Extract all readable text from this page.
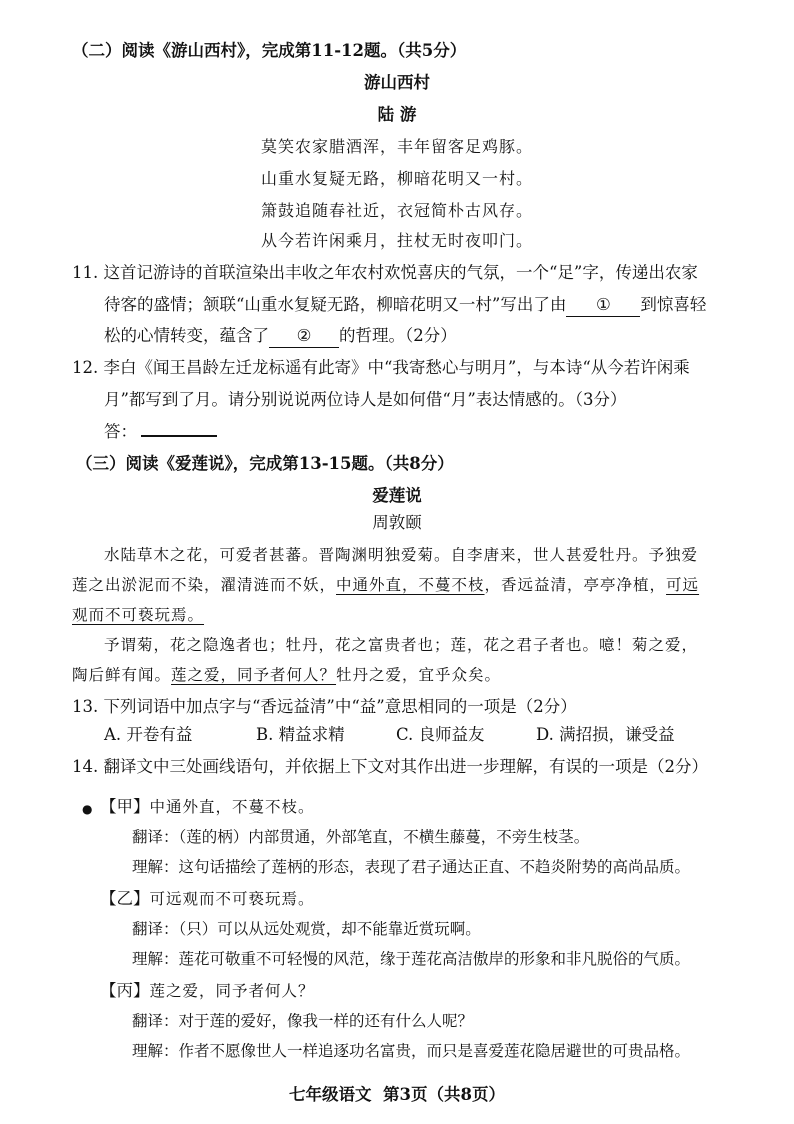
（二）阅读《游山西村》，完成第11-12题。（共5分）
游山西村
陆 游
莫笑农家腊酒浑，丰年留客足鸡豚。
山重水复疑无路，柳暗花明又一村。
箫鼓追随春社近，衣冠简朴古风存。
从今若许闲乘月，拄杖无时夜叩门。
11. 这首记游诗的首联渲染出丰收之年农村欢悦喜庆的气氛，一个“足”字，传递出农家
待客的盛情；颔联“山重水复疑无路，柳暗花明又一村”写出了由 ① 到惊喜轻
松的心情转变，蕴含了 ② 的哲理。（2分）
12. 李白《闻王昌龄左迁龙标遥有此寄》中“我寄愁心与明月”，与本诗“从今若许闲乘
月”都写到了月。请分别说说两位诗人是如何借“月”表达情感的。（3分）
答：
（三）阅读《爱莲说》，完成第13-15题。（共8分）
爱莲说
周敦颐
水陆草木之花，可爱者甚蕃。晋陶渊明独爱菊。自李唐来，世人甚爱牡丹。予独爱
莲之出淤泥而不染，濯清涟而不妖，中通外直，不蔓不枝，香远益清，亭亭净植，可远
观而不可亵玩焉。
予谓菊，花之隐逸者也；牡丹，花之富贵者也；莲，花之君子者也。噫！菊之爱，
陶后鲜有闻。莲之爱，同予者何人？牡丹之爱，宜乎众矣。
13. 下列词语中加点字与“香远益清”中“益”意思相同的一项是（2分）
A. 开卷有益	B. 精益求精	C. 良师益友	D. 满招损，谦受益
14. 翻译文中三处画线语句，并依据上下文对其作出进一步理解，有误的一项是（2分）
● 【甲】中通外直，不蔓不枝。
翻译：（莲的柄）内部贯通，外部笔直，不横生藤蔓，不旁生枝茎。
理解：这句话描绘了莲柄的形态，表现了君子通达正直、不趋炎附势的高尚品质。
【乙】可远观而不可亵玩焉。
翻译：（只）可以从远处观赏，却不能靠近赏玩啊。
理解：莲花可敬重不可轻慢的风范，缘于莲花高洁傲岸的形象和非凡脱俗的气质。
【丙】莲之爱，同予者何人？
翻译：对于莲的爱好，像我一样的还有什么人呢？
理解：作者不愿像世人一样追逐功名富贵，而只是喜爱莲花隐居避世的可贵品格。
七年级语文  第3页（共8页）
